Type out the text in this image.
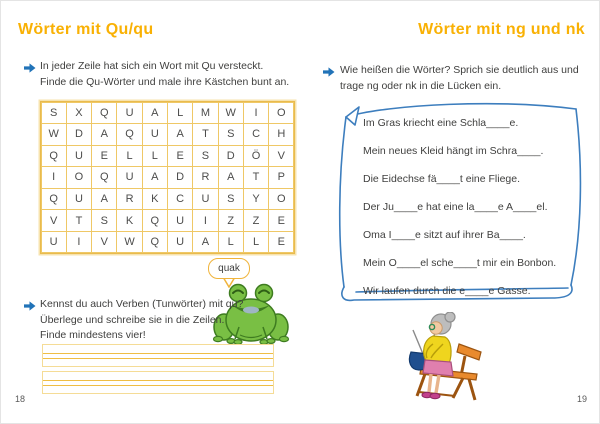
Wörter mit Qu/qu
In jeder Zeile hat sich ein Wort mit Qu versteckt.
Finde die Qu-Wörter und male ihre Kästchen bunt an.
S	X	Q	U	A	L	M	W	I	O
W	D	A	Q	U	A	T	S	C	H
Q	U	E	L	L	E	S	D	Ö	V
I	O	Q	U	A	D	R	A	T	P
Q	U	A	R	K	C	U	S	Y	O
V	T	S	K	Q	U	I	Z	Z	E
U	I	V	W	Q	U	A	L	L	E
quak
Kennst du auch Verben (Tunwörter) mit qu?
Überlege und schreibe sie in die Zeilen.
Finde mindestens vier!
18
Wörter mit ng und nk
Wie heißen die Wörter? Sprich sie deutlich aus und
trage ng oder nk in die Lücken ein.
Im Gras kriecht eine Schla____e.
Mein neues Kleid hängt im Schra____.
Die Eidechse fä____t eine Fliege.
Der Ju____e hat eine la____e A____el.
Oma I____e sitzt auf ihrer Ba____.
Mein O____el sche____t mir ein Bonbon.
Wir laufen durch die e____e Gasse.
19
